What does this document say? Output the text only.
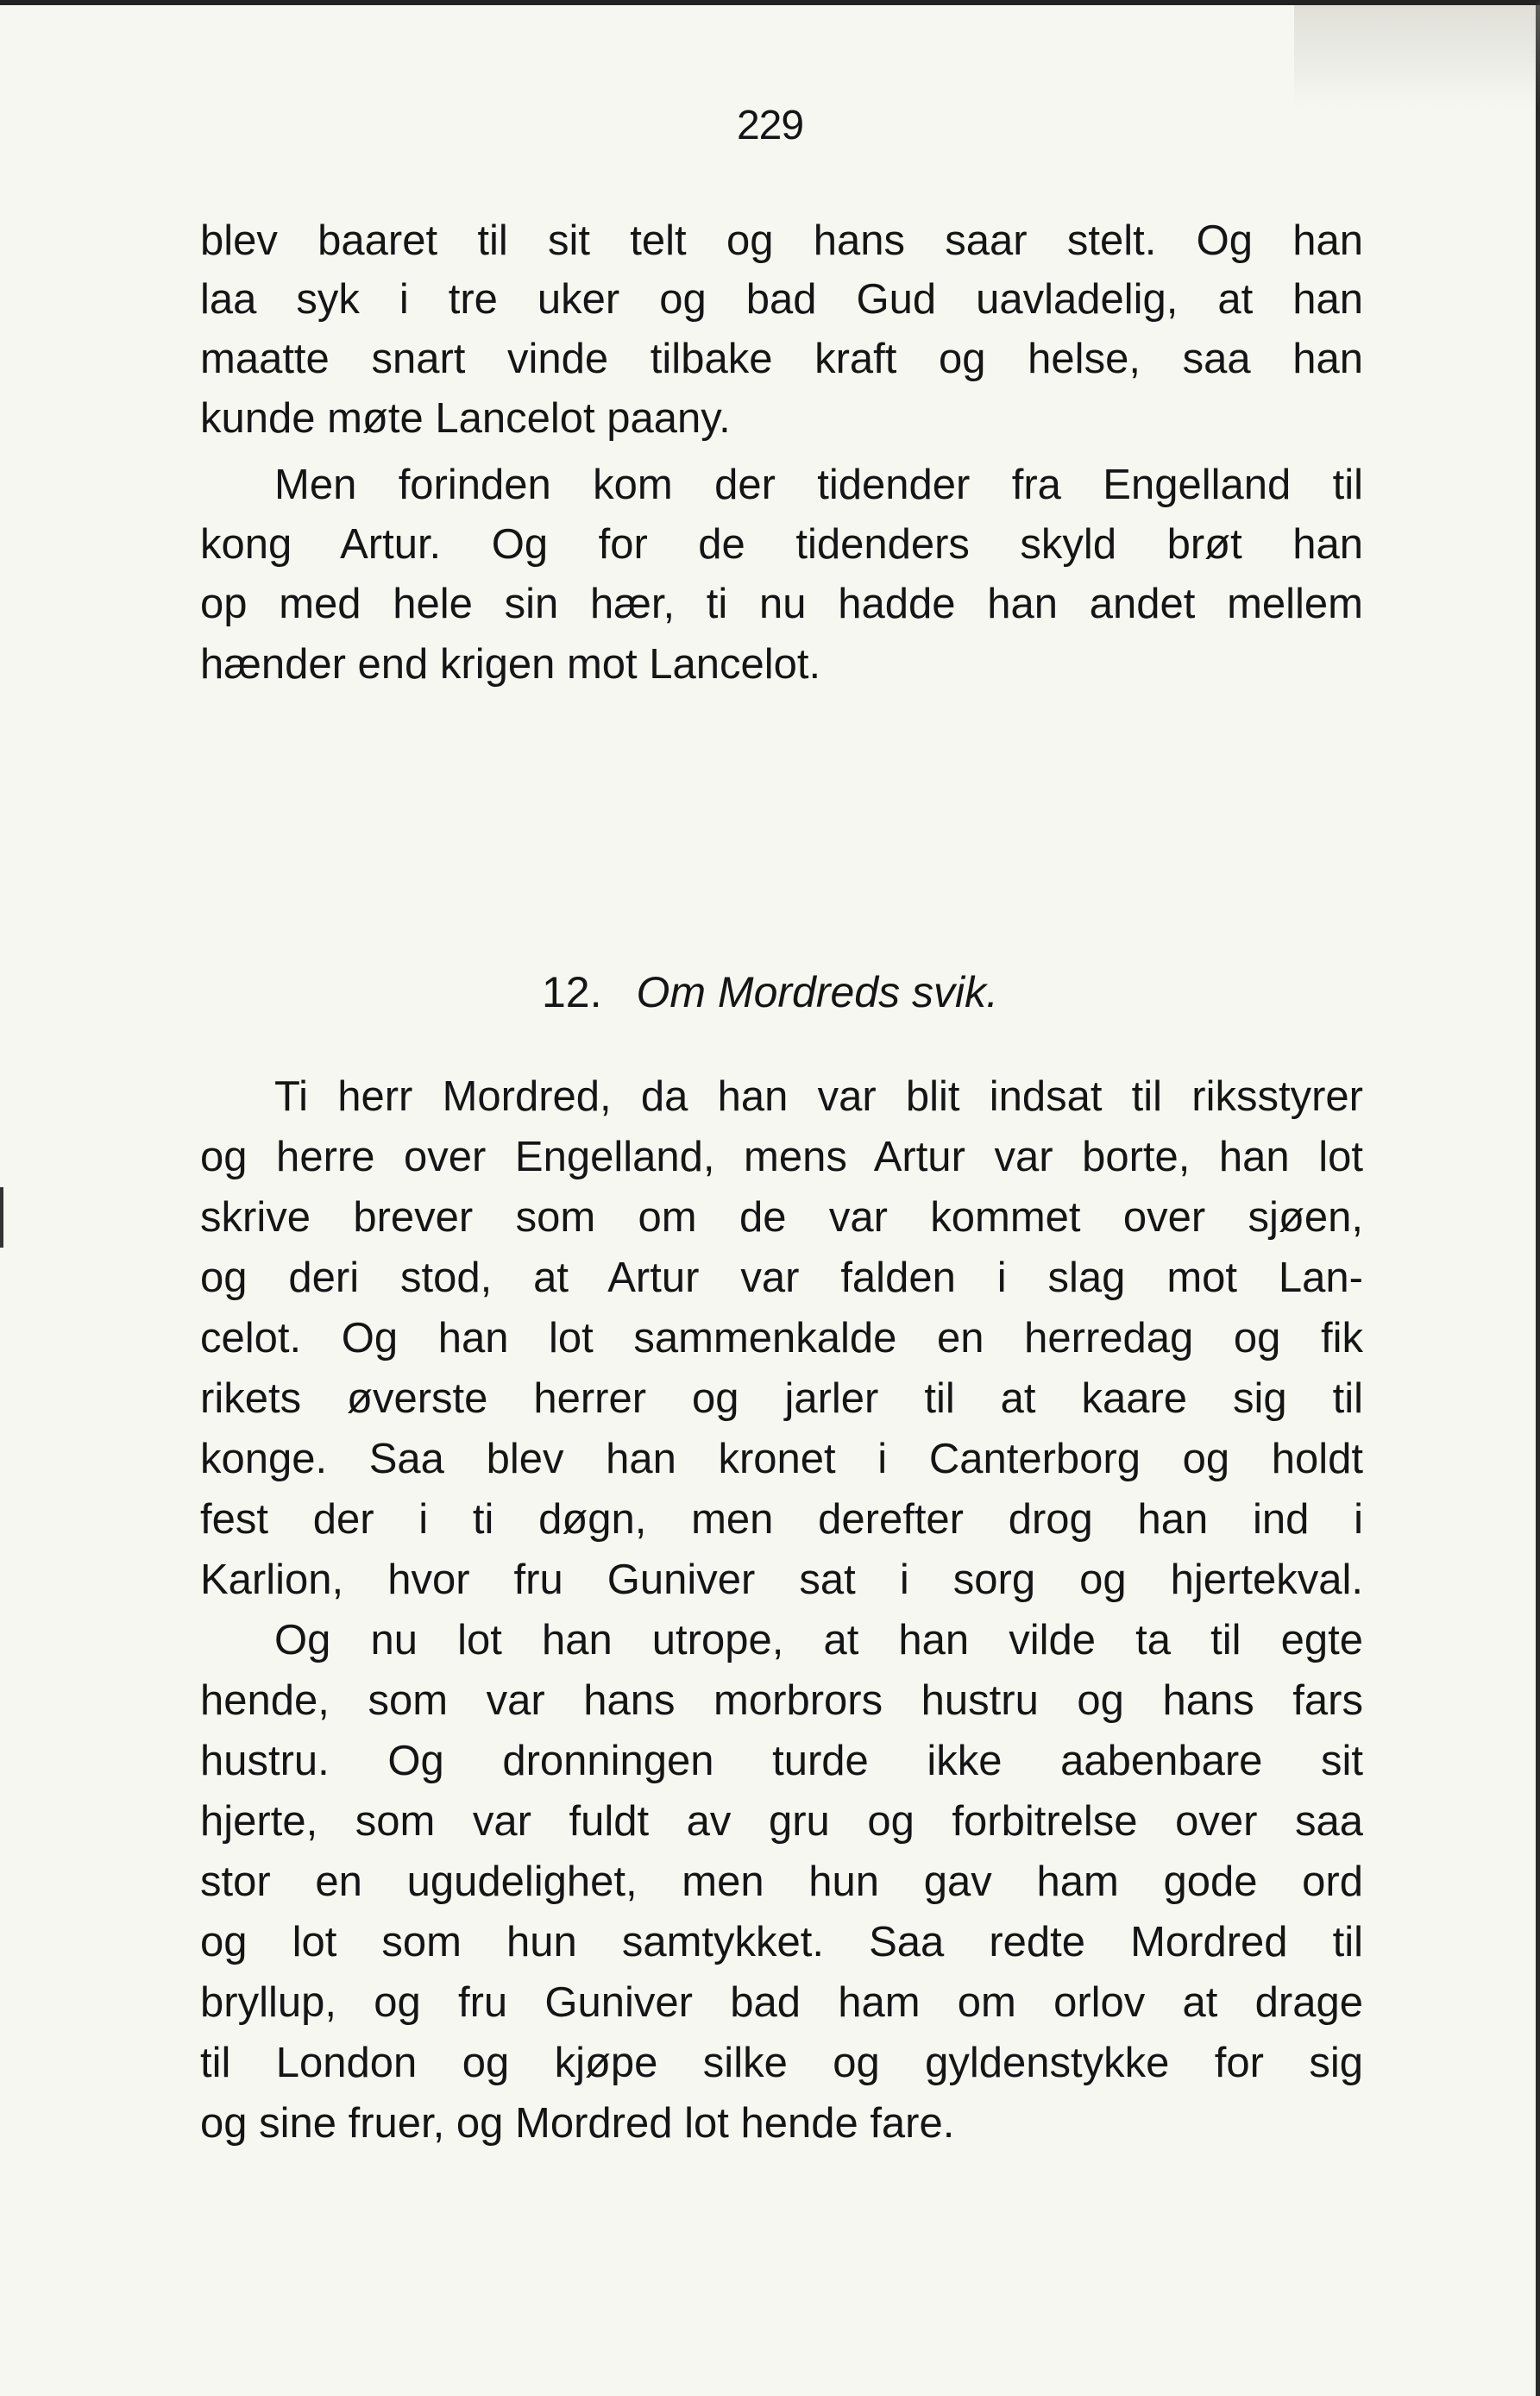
229
blev baaret til sit telt og hans saar stelt. Og han
laa syk i tre uker og bad Gud uavladelig, at han
maatte snart vinde tilbake kraft og helse, saa han
kunde møte Lancelot paany.
Men forinden kom der tidender fra Engelland til
kong Artur. Og for de tidenders skyld brøt han
op med hele sin hær, ti nu hadde han andet mellem
hænder end krigen mot Lancelot.
12. Om Mordreds svik.
Ti herr Mordred, da han var blit indsat til riksstyrer
og herre over Engelland, mens Artur var borte, han lot
skrive brever som om de var kommet over sjøen,
og deri stod, at Artur var falden i slag mot Lan-
celot. Og han lot sammenkalde en herredag og fik
rikets øverste herrer og jarler til at kaare sig til
konge. Saa blev han kronet i Canterborg og holdt
fest der i ti døgn, men derefter drog han ind i
Karlion, hvor fru Guniver sat i sorg og hjertekval.
Og nu lot han utrope, at han vilde ta til egte
hende, som var hans morbrors hustru og hans fars
hustru. Og dronningen turde ikke aabenbare sit
hjerte, som var fuldt av gru og forbitrelse over saa
stor en ugudelighet, men hun gav ham gode ord
og lot som hun samtykket. Saa redte Mordred til
bryllup, og fru Guniver bad ham om orlov at drage
til London og kjøpe silke og gyldenstykke for sig
og sine fruer, og Mordred lot hende fare.
